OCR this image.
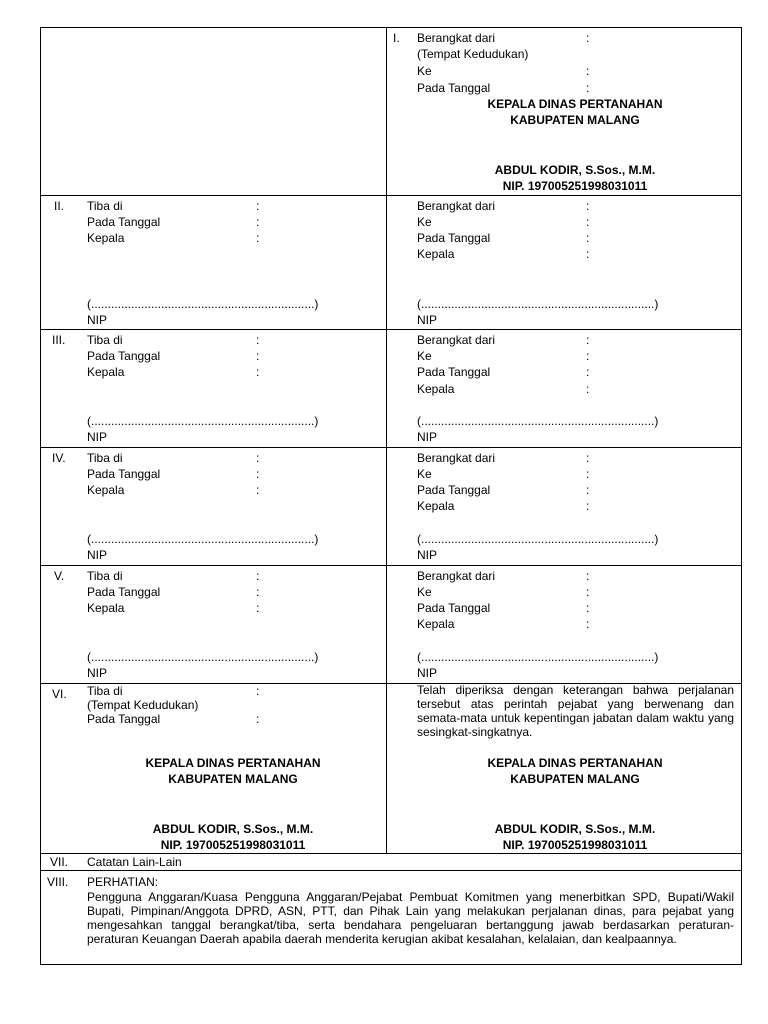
I. Berangkat dari	:
(Tempat Kedudukan)
Ke	:
Pada Tanggal	:
KEPALA DINAS PERTANAHAN
KABUPATEN MALANG
ABDUL KODIR, S.Sos., M.M.
NIP. 197005251998031011
II. Tiba di	:
Pada Tanggal	:
Kepala	:
(...................................................................)
NIP
Berangkat dari	:
Ke	:
Pada Tanggal	:
Kepala	:
(......................................................................)
NIP
III. Tiba di	:
Pada Tanggal	:
Kepala	:
(...................................................................)
NIP
Berangkat dari	:
Ke	:
Pada Tanggal	:
Kepala	:
(......................................................................)
NIP
IV. Tiba di	:
Pada Tanggal	:
Kepala	:
(...................................................................)
NIP
Berangkat dari	:
Ke	:
Pada Tanggal	:
Kepala	:
(......................................................................)
NIP
V. Tiba di	:
Pada Tanggal	:
Kepala	:
(...................................................................)
NIP
Berangkat dari	:
Ke	:
Pada Tanggal	:
Kepala	:
(......................................................................)
NIP
VI. Tiba di	:
(Tempat Kedudukan)
Pada Tanggal	:
KEPALA DINAS PERTANAHAN
KABUPATEN MALANG
ABDUL KODIR, S.Sos., M.M.
NIP. 197005251998031011
Telah diperiksa dengan keterangan bahwa perjalanan tersebut atas perintah pejabat yang berwenang dan semata-mata untuk kepentingan jabatan dalam waktu yang sesingkat-singkatnya.
KEPALA DINAS PERTANAHAN
KABUPATEN MALANG
ABDUL KODIR, S.Sos., M.M.
NIP. 197005251998031011
VII. Catatan Lain-Lain
VIII. PERHATIAN:
Pengguna Anggaran/Kuasa Pengguna Anggaran/Pejabat Pembuat Komitmen yang menerbitkan SPD, Bupati/Wakil Bupati, Pimpinan/Anggota DPRD, ASN, PTT, dan Pihak Lain yang melakukan perjalanan dinas, para pejabat yang mengesahkan tanggal berangkat/tiba, serta bendahara pengeluaran bertanggung jawab berdasarkan peraturan-peraturan Keuangan Daerah apabila daerah menderita kerugian akibat kesalahan, kelalaian, dan kealpaannya.
